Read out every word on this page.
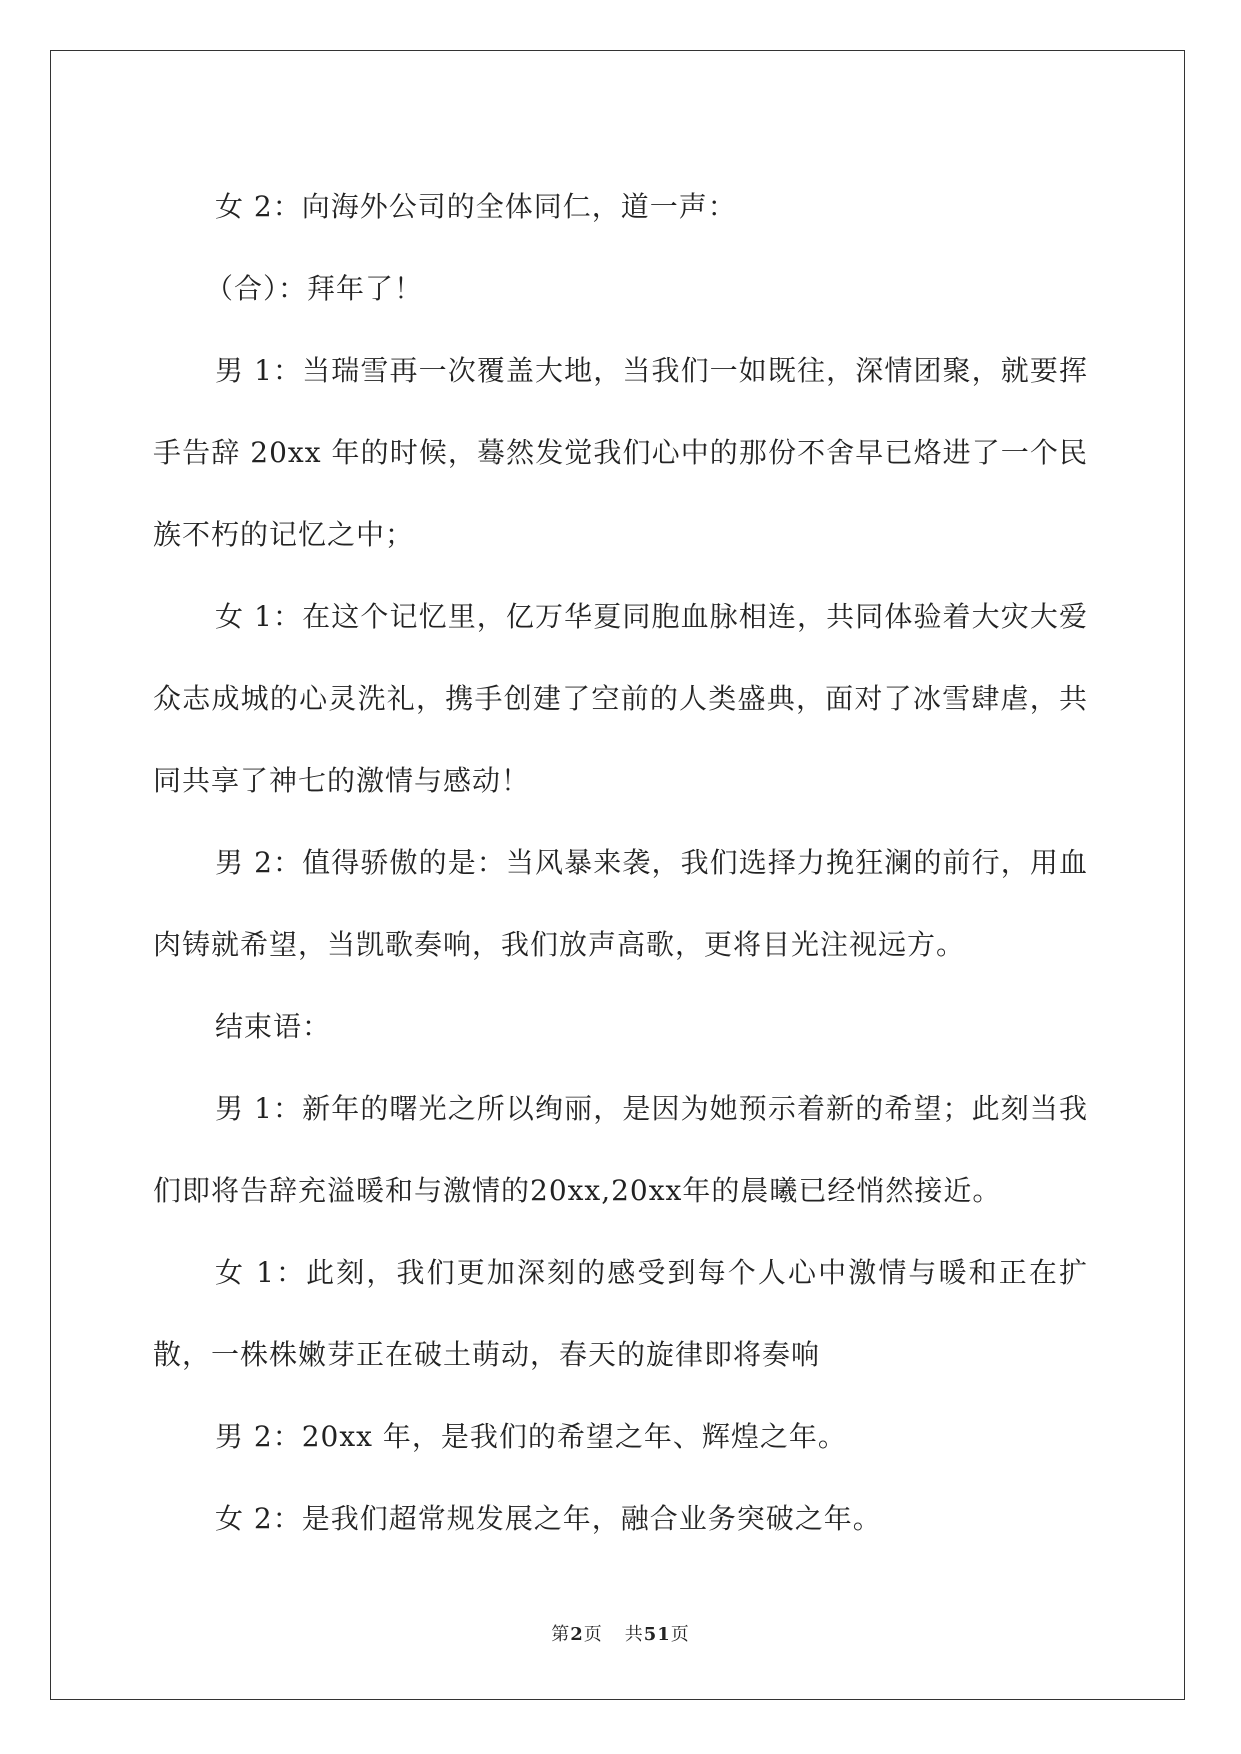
女 2：向海外公司的全体同仁，道一声：

（合）：拜年了！

男 1：当瑞雪再一次覆盖大地，当我们一如既往，深情团聚，就要挥手告辞 20xx 年的时候，蓦然发觉我们心中的那份不舍早已烙进了一个民族不朽的记忆之中；

女 1：在这个记忆里，亿万华夏同胞血脉相连，共同体验着大灾大爱众志成城的心灵洗礼，携手创建了空前的人类盛典，面对了冰雪肆虐，共同共享了神七的激情与感动！

男 2：值得骄傲的是：当风暴来袭，我们选择力挽狂澜的前行，用血肉铸就希望，当凯歌奏响，我们放声高歌，更将目光注视远方。

结束语：

男 1：新年的曙光之所以绚丽，是因为她预示着新的希望；此刻当我们即将告辞充溢暖和与激情的20xx,20xx年的晨曦已经悄然接近。

女 1：此刻，我们更加深刻的感受到每个人心中激情与暖和正在扩散，一株株嫩芽正在破土萌动，春天的旋律即将奏响

男 2：20xx 年，是我们的希望之年、辉煌之年。

女 2：是我们超常规发展之年，融合业务突破之年。

第2页 共51页
